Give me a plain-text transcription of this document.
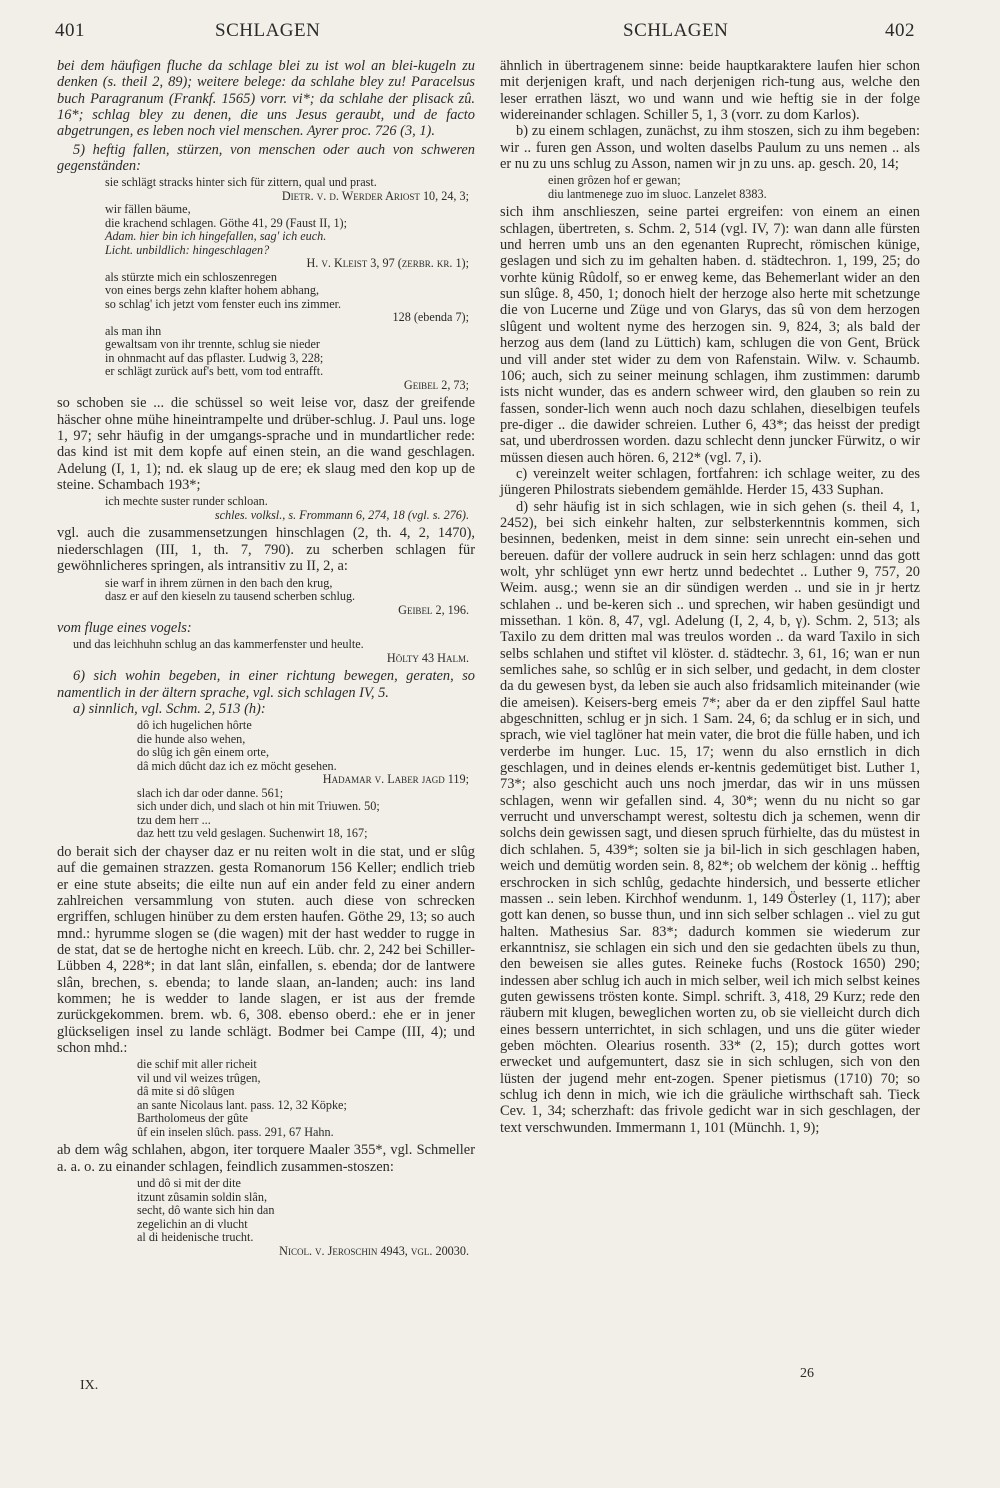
401	SCHLAGEN	SCHLAGEN	402

bei dem häufigen fluche da schlage blei zu ist wol an blei-kugeln zu denken (s. theil 2, 89); weitere belege: da schlahe bley zu! Paracelsus buch Paragranum (Frankf. 1565) vorr. vi*; da schlahe der plisack zû. 16*; schlag bley zu denen, die uns Jesus geraubt, und de facto abgetrungen, es leben noch viel menschen. Ayrer proc. 726 (3, 1).

5) heftig fallen, stürzen, von menschen oder auch von schweren gegenständen:

sie schlägt stracks hinter sich für zittern, qual und prast.
Dietr. v. d. Werder Ariost 10, 24, 3;
wir fällen bäume,
die krachend schlagen. Göthe 41, 29 (Faust II, 1);
Adam. hier bin ich hingefallen, sag' ich euch.
Licht. unbildlich: hingeschlagen?
H. v. Kleist 3, 97 (zerbr. kr. 1);
als stürzte mich ein schloszenregen
von eines bergs zehn klafter hohem abhang,
so schlag' ich jetzt vom fenster euch ins zimmer.
128 (ebenda 7);
als man ihn
gewaltsam von ihr trennte, schlug sie nieder
in ohnmacht auf das pflaster. Ludwig 3, 228;
er schlägt zurück auf's bett, vom tod entrafft.
Geibel 2, 73;

so schoben sie ... die schüssel so weit leise vor, dasz der greifende häscher ohne mühe hineintrampelte und drüber-schlug. J. Paul uns. loge 1, 97; sehr häufig in der umgangs-sprache und in mundartlicher rede: das kind ist mit dem kopfe auf einen stein, an die wand geschlagen. Adelung (I, 1, 1); nd. ek slaug up de ere; ek slaug med den kop up de steine. Schambach 193*;

ich mechte suster runder schloan.
schles. volksl., s. Frommann 6, 274, 18 (vgl. s. 276).

vgl. auch die zusammensetzungen hinschlagen (2, th. 4, 2, 1470), niederschlagen (III, 1, th. 7, 790). zu scherben schlagen für gewöhnlicheres springen, als intransitiv zu II, 2, a:

sie warf in ihrem zürnen in den bach den krug,
dasz er auf den kieseln zu tausend scherben schlug.
Geibel 2, 196.

vom fluge eines vogels:

und das leichhuhn schlug an das kammerfenster und heulte.
Hölty 43 Halm.

6) sich wohin begeben, in einer richtung bewegen, geraten, so namentlich in der ältern sprache, vgl. sich schlagen IV, 5.

a) sinnlich, vgl. Schm. 2, 513 (h):

dô ich hugelichen hôrte
die hunde also wehen,
do slûg ich gên einem orte,
dâ mich dûcht daz ich ez möcht gesehen.
Hadamar v. Laber jagd 119;
slach ich dar oder danne. 561;
sich under dich, und slach ot hin mit Triuwen. 50;
tzu dem herr ...
daz hett tzu veld geslagen. Suchenwirt 18, 167;

do berait sich der chayser daz er nu reiten wolt in die stat, und er slûg auf die gemainen strazzen. gesta Romanorum 156 Keller; endlich trieb er eine stute abseits; die eilte nun auf ein ander feld zu einer andern zahlreichen versammlung von stuten. auch diese von schrecken ergriffen, schlugen hinüber zu dem ersten haufen. Göthe 29, 13; so auch mnd.: hyrumme slogen se (die wagen) mit der hast wedder to rugge in de stat, dat se de hertoghe nicht en kreech. Lüb. chr. 2, 242 bei Schiller-Lübben 4, 228*; in dat lant slân, einfallen, s. ebenda; dor de lantwere slân, brechen, s. ebenda; to lande slaan, an-landen; auch: ins land kommen; he is wedder to lande slagen, er ist aus der fremde zurückgekommen. brem. wb. 6, 308. ebenso oberd.: ehe er in jener glückseligen insel zu lande schlägt. Bodmer bei Campe (III, 4); und schon mhd.:

die schif mit aller richeit
vil und vil weizes trûgen,
dâ mite si dô slûgen
an sante Nicolaus lant. pass. 12, 32 Köpke;
Bartholomeus der gûte
ûf ein inselen slûch. pass. 291, 67 Hahn.

ab dem wâg schlahen, abgon, iter torquere Maaler 355*, vgl. Schmeller a. a. o. zu einander schlagen, feindlich zusammen-stoszen:

und dô si mit der dite
itzunt zûsamin soldin slân,
secht, dô wante sich hin dan
zegelichin an di vlucht
al di heidenische trucht.
Nicol. v. Jeroschin 4943, vgl. 20030.

ähnlich in übertragenem sinne: beide hauptkaraktere laufen hier schon mit derjenigen kraft, und nach derjenigen rich-tung aus, welche den leser errathen läszt, wo und wann und wie heftig sie in der folge widereinander schlagen. Schiller 5, 1, 3 (vorr. zu dom Karlos).

b) zu einem schlagen, zunächst, zu ihm stoszen, sich zu ihm begeben: wir .. furen gen Asson, und wolten daselbs Paulum zu uns nemen .. als er nu zu uns schlug zu Asson, namen wir jn zu uns. ap. gesch. 20, 14;

einen grôzen hof er gewan;
diu lantmenege zuo im sluoc. Lanzelet 8383.

sich ihm anschlieszen, seine partei ergreifen: von einem an einen schlagen, übertreten, s. Schm. 2, 514 (vgl. IV, 7): wan dann alle fürsten und herren umb uns an den egenanten Ruprecht, römischen künige, geslagen und sich zu im gehalten haben. d. städtechron. 1, 199, 25; do vorhte künig Rûdolf, so er enweg keme, das Behemerlant wider an den sun slûge. 8, 450, 1; donoch hielt der herzoge also herte mit schetzunge die von Lucerne und Züge und von Glarys, das sû von dem herzogen slûgent und woltent nyme des herzogen sin. 9, 824, 3; als bald der herzog aus dem (land zu Lüttich) kam, schlugen die von Gent, Brück und vill ander stet wider zu dem von Rafenstain. Wilw. v. Schaumb. 106; auch, sich zu seiner meinung schlagen, ihm zustimmen: darumb ists nicht wunder, das es andern schweer wird, den glauben so rein zu fassen, sonder-lich wenn auch noch dazu schlahen, dieselbigen teufels pre-diger .. die dawider schreien. Luther 6, 43*; das heisst der predigt sat, und uberdrossen worden. dazu schlecht denn juncker Fürwitz, o wir müssen diesen auch hören. 6, 212* (vgl. 7, i).

c) vereinzelt weiter schlagen, fortfahren: ich schlage weiter, zu des jüngeren Philostrats siebendem gemählde. Herder 15, 433 Suphan.

d) sehr häufig ist in sich schlagen, wie in sich gehen (s. theil 4, 1, 2452), bei sich einkehr halten, zur selbsterkenntnis kommen, sich besinnen, bedenken, meist in dem sinne: sein unrecht ein-sehen und bereuen. dafür der vollere audruck in sein herz schlagen: unnd das gott wolt, yhr schlüget ynn ewr hertz unnd bedechtet .. Luther 9, 757, 20 Weim. ausg.; wenn sie an dir sündigen werden .. und sie in jr hertz schlahen .. und be-keren sich .. und sprechen, wir haben gesündigt und missethan. 1 kön. 8, 47, vgl. Adelung (I, 2, 4, b, γ). Schm. 2, 513; als Taxilo zu dem dritten mal was treulos worden .. da ward Taxilo in sich selbs schlahen und stiftet vil klöster. d. städtechr. 3, 61, 16; wan er nun semliches sahe, so schlûg er in sich selber, und gedacht, in dem closter da du gewesen byst, da leben sie auch also fridsamlich miteinander (wie die ameisen). Keisers-berg emeis 7*; aber da er den zipffel Saul hatte abgeschnitten, schlug er jn sich. 1 Sam. 24, 6; da schlug er in sich, und sprach, wie viel taglöner hat mein vater, die brot die fülle haben, und ich verderbe im hunger. Luc. 15, 17; wenn du also ernstlich in dich geschlagen, und in deines elends er-kentnis gedemütiget bist. Luther 1, 73*; also geschicht auch uns noch jmerdar, das wir in uns müssen schlagen, wenn wir gefallen sind. 4, 30*; wenn du nu nicht so gar verrucht und unverschampt werest, soltestu dich ja schemen, wenn dir solchs dein gewissen sagt, und diesen spruch fürhielte, das du müstest in dich schlahen. 5, 439*; solten sie ja bil-lich in sich geschlagen haben, weich und demütig worden sein. 8, 82*; ob welchem der könig .. hefftig erschrocken in sich schlûg, gedachte hindersich, und besserte etlicher massen .. sein leben. Kirchhof wendunm. 1, 149 Österley (1, 117); aber gott kan denen, so busse thun, und inn sich selber schlagen .. viel zu gut halten. Mathesius Sar. 83*; dadurch kommen sie wiederum zur erkanntnisz, sie schlagen ein sich und den sie gedachten übels zu thun, den beweisen sie alles gutes. Reineke fuchs (Rostock 1650) 290; indessen aber schlug ich auch in mich selber, weil ich mich selbst keines guten gewissens trösten konte. Simpl. schrift. 3, 418, 29 Kurz; rede den räubern mit klugen, beweglichen worten zu, ob sie vielleicht durch dich eines bessern unterrichtet, in sich schlagen, und uns die güter wieder geben möchten. Olearius rosenth. 33* (2, 15); durch gottes wort erwecket und aufgemuntert, dasz sie in sich schlugen, sich von den lüsten der jugend mehr ent-zogen. Spener pietismus (1710) 70; so schlug ich denn in mich, wie ich die gräuliche wirthschaft sah. Tieck Cev. 1, 34; scherzhaft: das frivole gedicht war in sich geschlagen, der text verschwunden. Immermann 1, 101 (Münchh. 1, 9);

IX.
26
